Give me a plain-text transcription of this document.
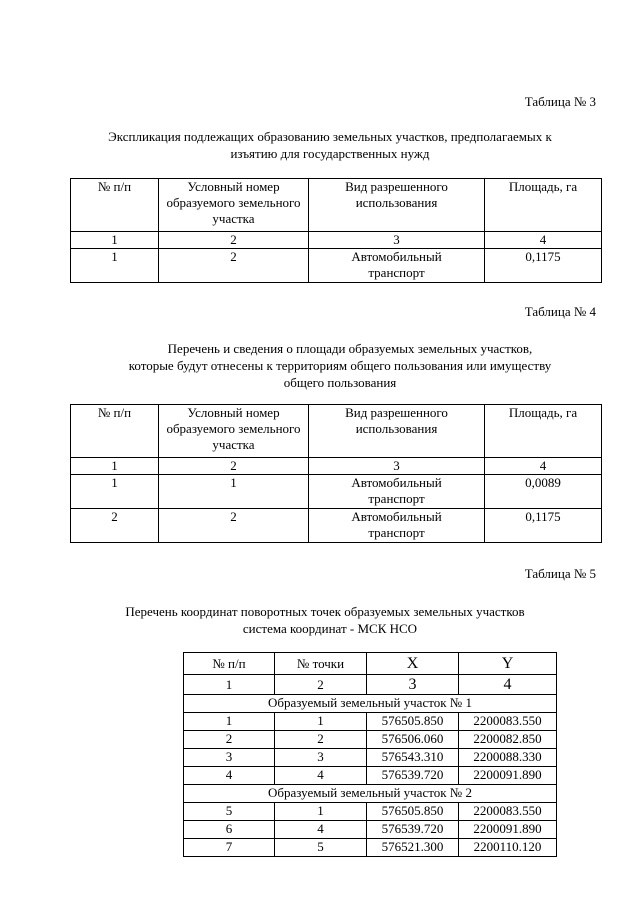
Таблица № 3
Экспликация подлежащих образованию земельных участков, предполагаемых к
изъятию для государственных нужд
№ п/п	Условный номер образуемого земельного участка	Вид разрешенного использования	Площадь, га
1	2	3	4
1	2	Автомобильный транспорт	0,1175
Таблица № 4
Перечень и сведения о площади образуемых земельных участков,
которые будут отнесены к территориям общего пользования или имуществу
общего пользования
№ п/п	Условный номер образуемого земельного участка	Вид разрешенного использования	Площадь, га
1	2	3	4
1	1	Автомобильный транспорт	0,0089
2	2	Автомобильный транспорт	0,1175
Таблица № 5
Перечень координат поворотных точек образуемых земельных участков
система координат - МСК НСО
№ п/п	№ точки	X	Y
1	2	3	4
Образуемый земельный участок № 1			
1	1	576505.850	2200083.550
2	2	576506.060	2200082.850
3	3	576543.310	2200088.330
4	4	576539.720	2200091.890
Образуемый земельный участок № 2			
5	1	576505.850	2200083.550
6	4	576539.720	2200091.890
7	5	576521.300	2200110.120
